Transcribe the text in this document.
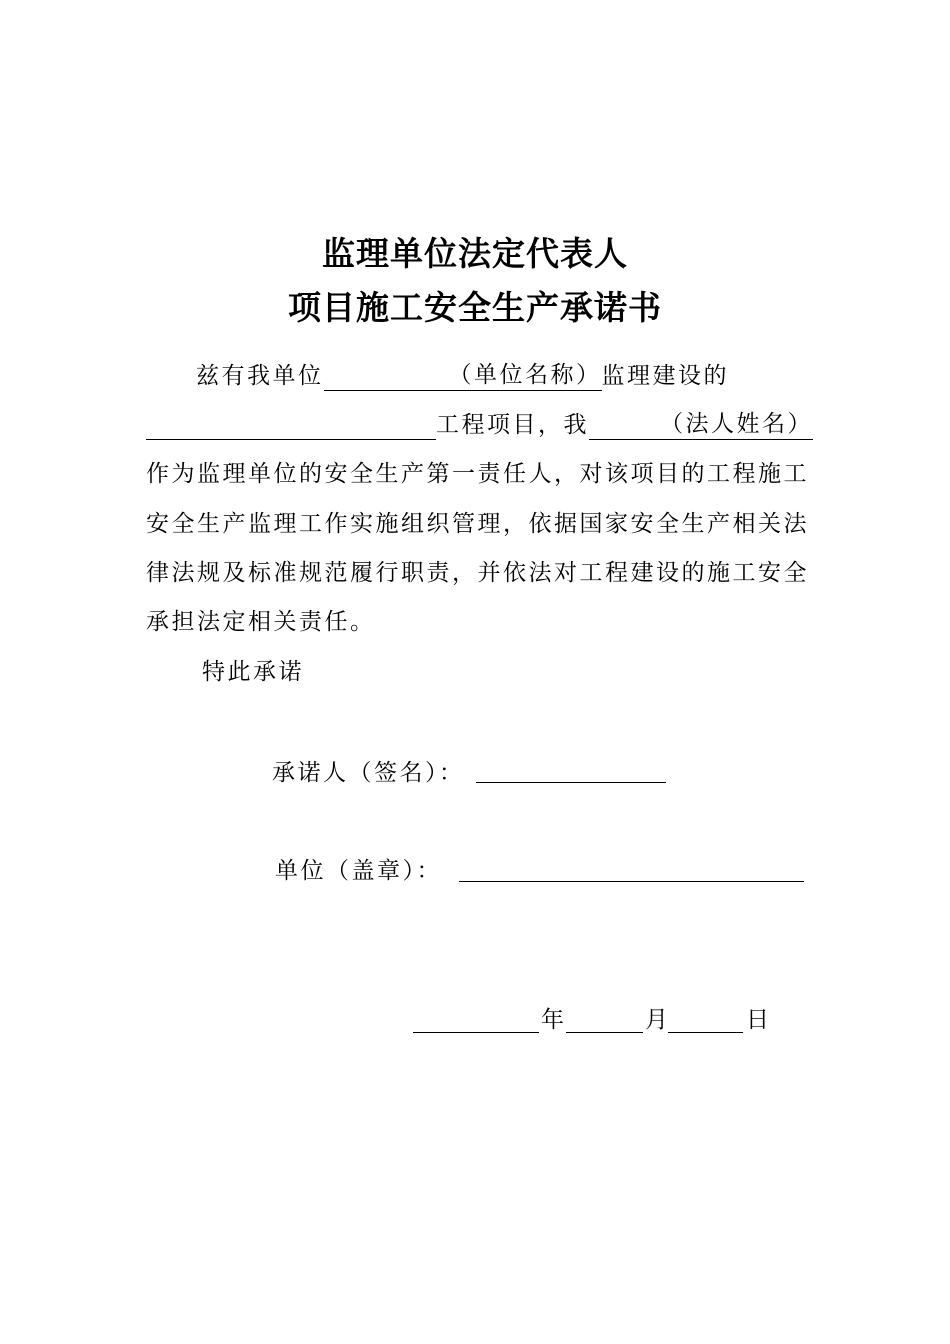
监理单位法定代表人
项目施工安全生产承诺书
兹有我单位	（单位名称）监理建设的
工程项目，我	（法人姓名）
作为监理单位的安全生产第一责任人，对该项目的工程施工
安全生产监理工作实施组织管理，依据国家安全生产相关法
律法规及标准规范履行职责，并依法对工程建设的施工安全
承担法定相关责任。
特此承诺
承诺人（签名）：
单位（盖章）：
年	月	日
